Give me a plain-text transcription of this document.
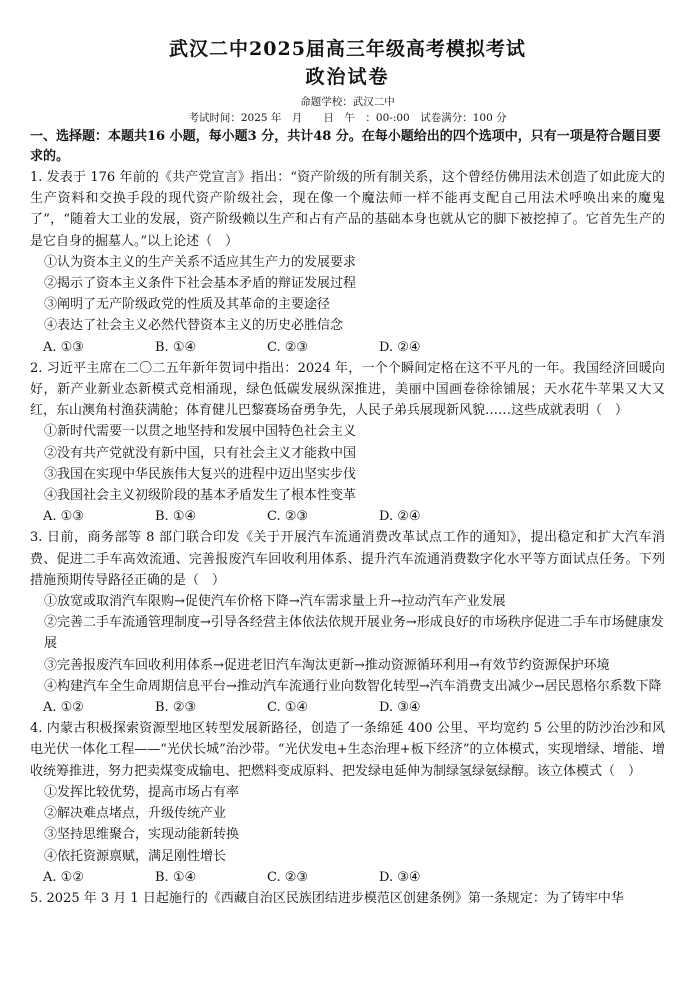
武汉二中2025届高三年级高考模拟考试
政治试卷
命题学校：武汉二中
考试时间：2025 年　月　　日　午　：00-:00　试卷满分：100 分
一、选择题：本题共16 小题，每小题3 分，共计48 分。在每小题给出的四个选项中，只有一项是符合题目要求的。
1. 发表于 176 年前的《共产党宣言》指出：“资产阶级的所有制关系，这个曾经仿佛用法术创造了如此庞大的生产资料和交换手段的现代资产阶级社会，现在像一个魔法师一样不能再支配自己用法术呼唤出来的魔鬼了”，“随着大工业的发展，资产阶级赖以生产和占有产品的基础本身也就从它的脚下被挖掉了。它首先生产的是它自身的掘墓人。”以上论述（　）
①认为资本主义的生产关系不适应其生产力的发展要求
②揭示了资本主义条件下社会基本矛盾的辩证发展过程
③阐明了无产阶级政党的性质及其革命的主要途径
④表达了社会主义必然代替资本主义的历史必胜信念
A. ①③	B. ①④	C. ②③	D. ②④
2. 习近平主席在二〇二五年新年贺词中指出：2024 年，一个个瞬间定格在这不平凡的一年。我国经济回暖向好，新产业新业态新模式竞相涌现，绿色低碳发展纵深推进，美丽中国画卷徐徐铺展；天水花牛苹果又大又红，东山澳角村渔获满舱；体育健儿巴黎赛场奋勇争先，人民子弟兵展现新风貌……这些成就表明（　）
①新时代需要一以贯之地坚持和发展中国特色社会主义
②没有共产党就没有新中国，只有社会主义才能救中国
③我国在实现中华民族伟大复兴的进程中迈出坚实步伐
④我国社会主义初级阶段的基本矛盾发生了根本性变革
A. ①③	B. ①④	C. ②③	D. ②④
3. 日前，商务部等 8 部门联合印发《关于开展汽车流通消费改革试点工作的通知》，提出稳定和扩大汽车消费、促进二手车高效流通、完善报废汽车回收利用体系、提升汽车流通消费数字化水平等方面试点任务。下列措施预期传导路径正确的是（　）
①放宽或取消汽车限购→促使汽车价格下降→汽车需求量上升→拉动汽车产业发展
②完善二手车流通管理制度→引导各经营主体依法依规开展业务→形成良好的市场秩序促进二手车市场健康发展
③完善报废汽车回收利用体系→促进老旧汽车淘汰更新→推动资源循环利用→有效节约资源保护环境
④构建汽车全生命周期信息平台→推动汽车流通行业向数智化转型→汽车消费支出减少→居民恩格尔系数下降
A. ①②	B. ②③	C. ①④	D. ③④
4. 内蒙古积极探索资源型地区转型发展新路径，创造了一条绵延 400 公里、平均宽约 5 公里的防沙治沙和风电光伏一体化工程——“光伏长城”治沙带。“光伏发电+生态治理+板下经济”的立体模式，实现增绿、增能、增收统筹推进，努力把卖煤变成输电、把燃料变成原料、把发绿电延伸为制绿氢绿氨绿醇。该立体模式（　）
①发挥比较优势，提高市场占有率
②解决难点堵点，升级传统产业
③坚持思维聚合，实现动能新转换
④依托资源禀赋，满足刚性增长
A. ①②	B. ①④	C. ②③	D. ③④
5. 2025 年 3 月 1 日起施行的《西藏自治区民族团结进步模范区创建条例》第一条规定：为了铸牢中华
